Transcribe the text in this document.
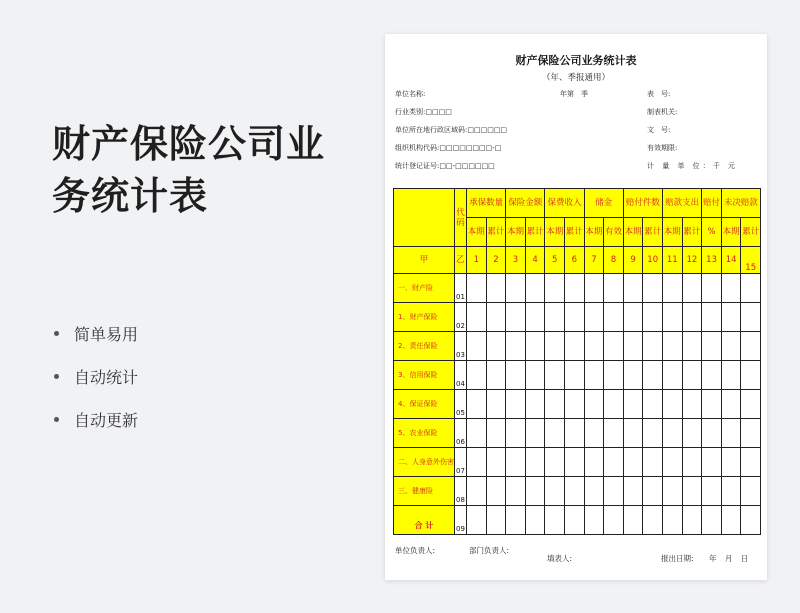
财产保险公司业务统计表
简单易用
自动统计
自动更新
财产保险公司业务统计表
（年、季报通用）
单位名称:	年第　季	表　号:
行业类别:□□□□	制表机关:
单位所在地行政区域码:□□□□□□	文　号:
组织机构代码:□□□□□□□□-□	有效期限:
统计登记证号:□□-□□□□□□	计 量 单 位：千 元
	代码	承保数量		保险金额		保费收入		储金		赔付件数		赔款支出		赔付	未决赔款	
		本期	累计	本期	累计	本期	累计	本期	有效	本期	累计	本期	累计	%	本期	累计
甲	乙	1	2	3	4	5	6	7	8	9	10	11	12	13	14	15
一、财产险	01															
1、财产保险	02															
2、责任保险	03															
3、信用保险	04															
4、保证保险	05															
5、农业保险	06															
二、人身意外伤害	07															
三、健康险	08															
合 计	09															
单位负责人:	部门负责人:
填表人:	报出日期: 年 月 日
